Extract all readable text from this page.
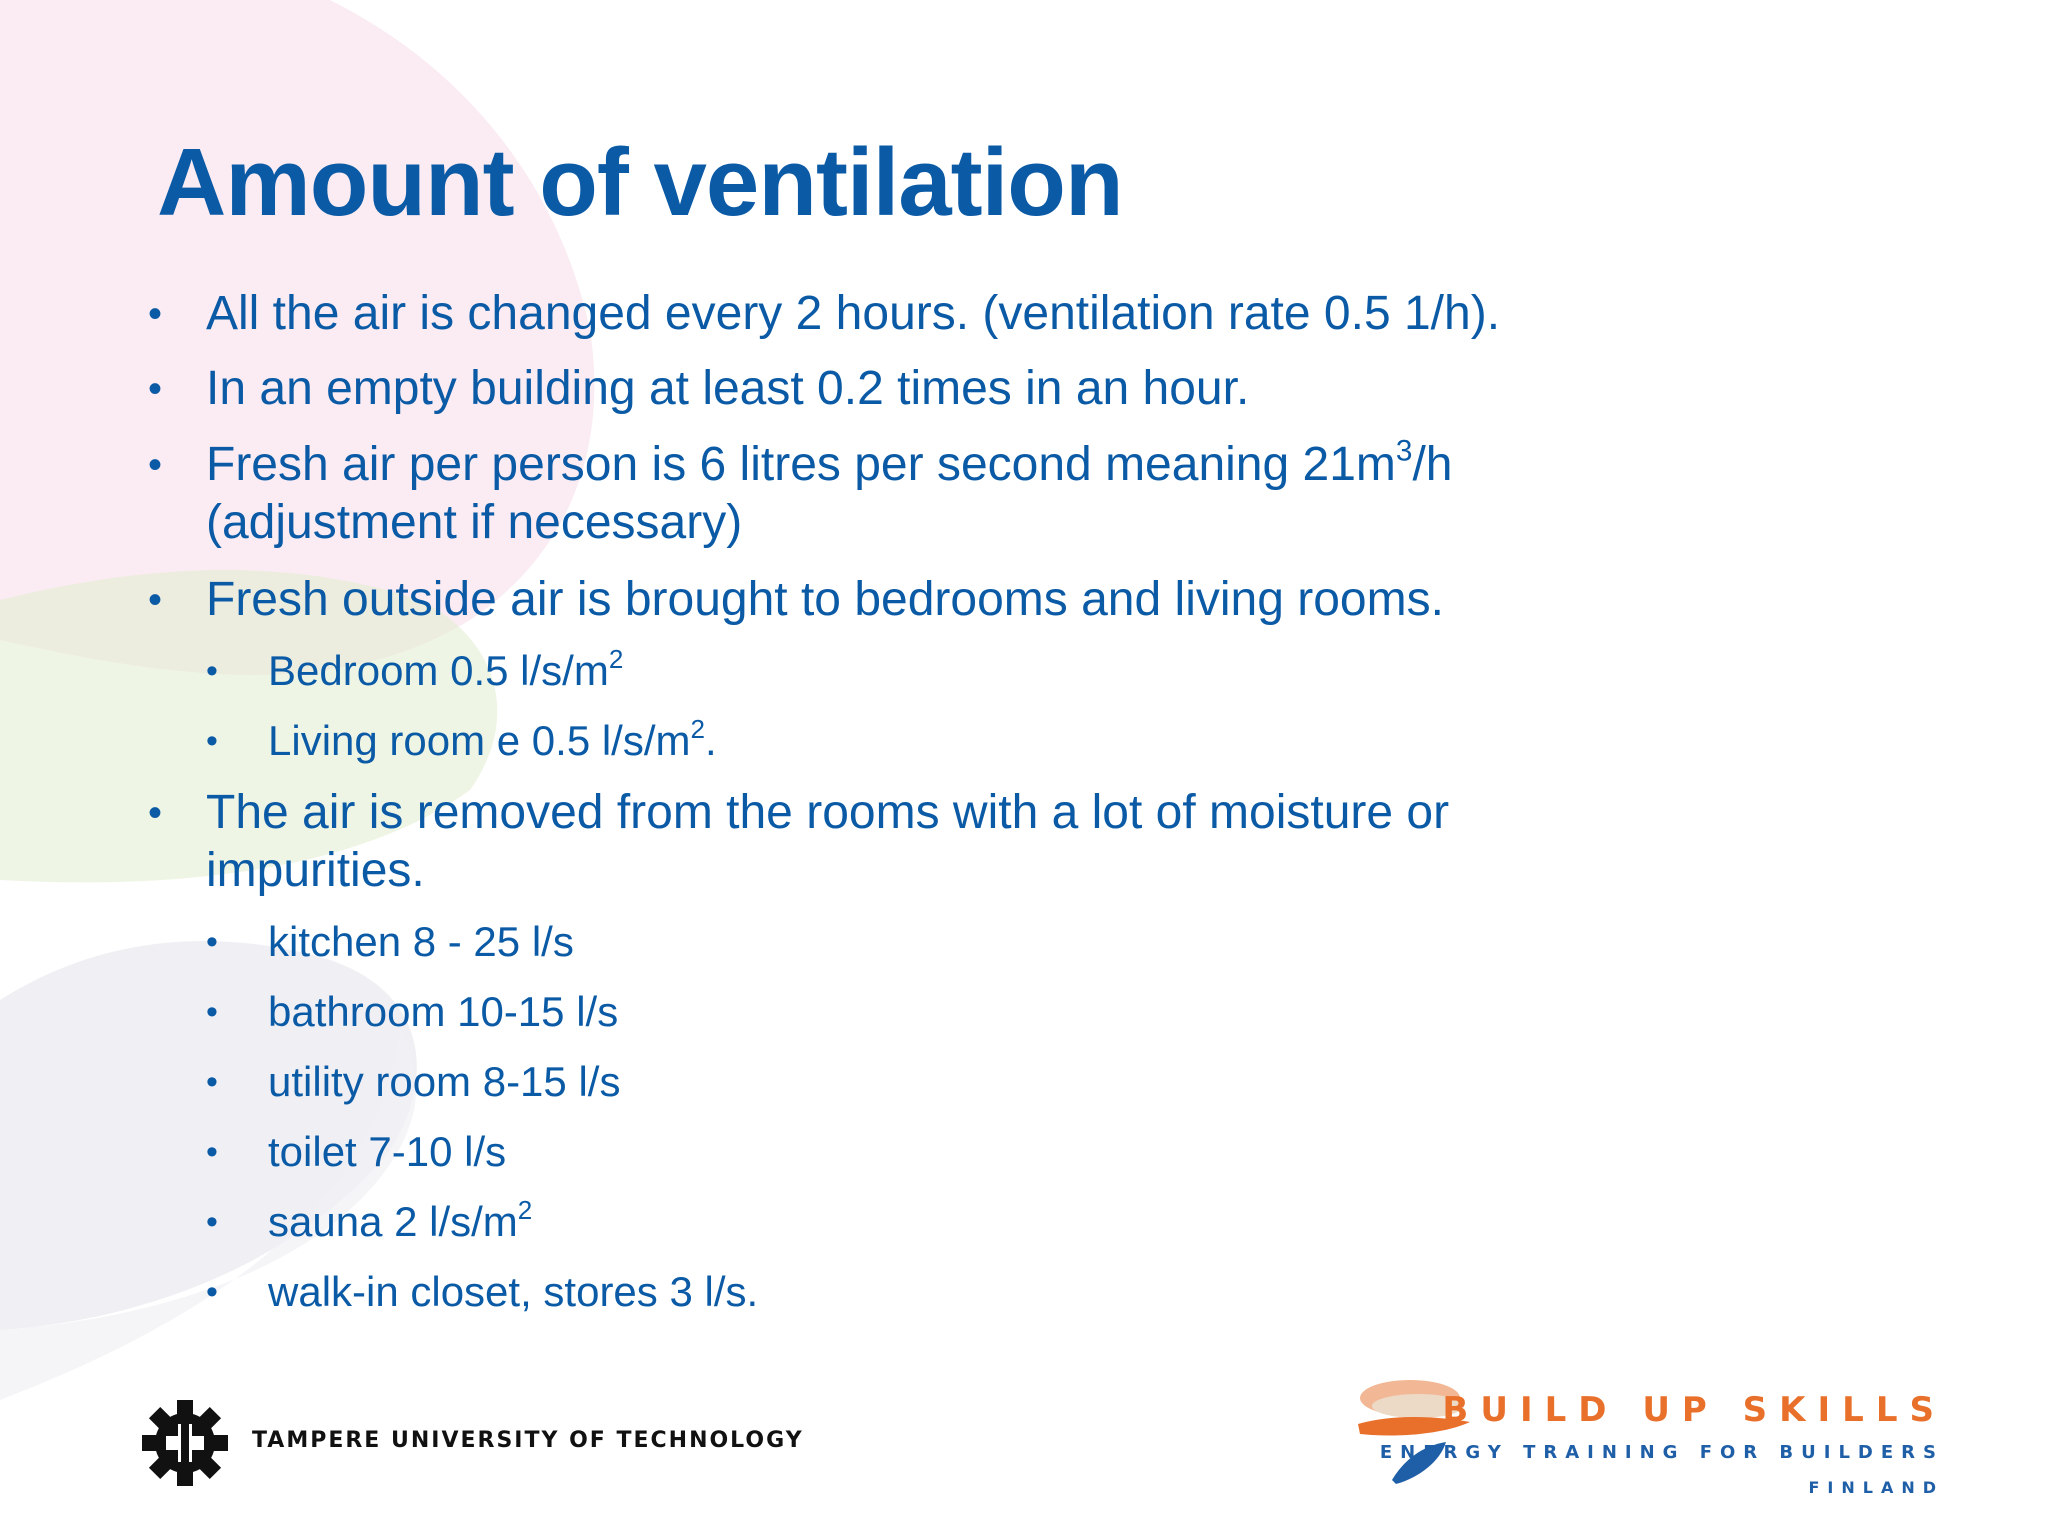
Amount of ventilation
• All the air is changed every 2 hours. (ventilation rate 0.5 1/h).
• In an empty building at least 0.2 times in an hour.
• Fresh air per person is 6 litres per second meaning $21m^3/h$
(adjustment if necessary)
• Fresh outside air is brought to bedrooms and living rooms.
• Bedroom 0.5 $l/s/m^2$
• Living room e 0.5 $l/s/m^2$.
• The air is removed from the rooms with a lot of moisture or
impurities.
• kitchen 8 - 25 l/s
• bathroom 10-15 l/s
• utility room 8-15 l/s
• toilet 7-10 l/s
• sauna 2 $l/s/m^2$
• walk-in closet, stores 3 l/s.
TAMPERE UNIVERSITY OF TECHNOLOGY
BUILD UP SKILLS
ENERGY TRAINING FOR BUILDERS
FINLAND
